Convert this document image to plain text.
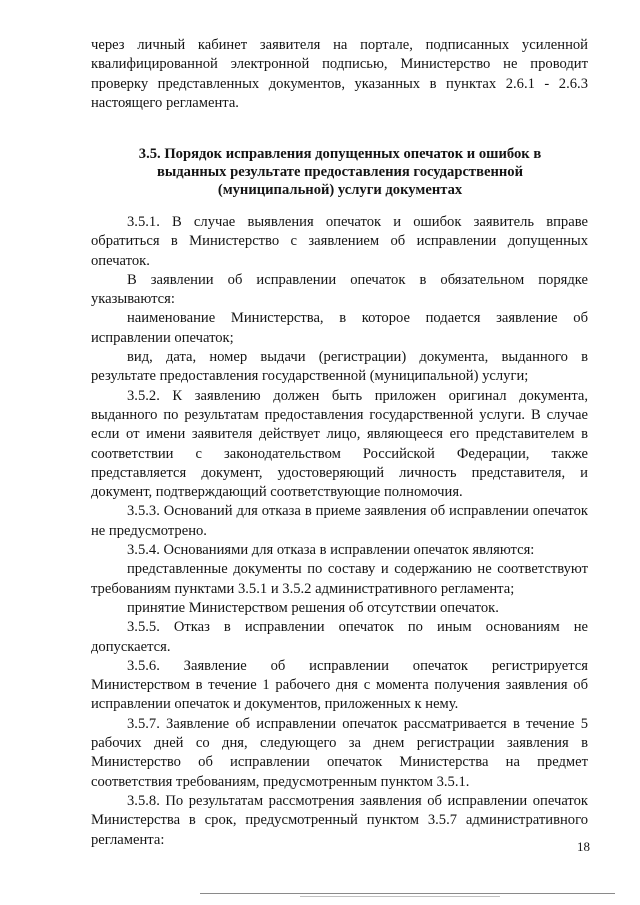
через личный кабинет заявителя на портале, подписанных усиленной квалифицированной электронной подписью, Министерство не проводит проверку представленных документов, указанных в пунктах 2.6.1 - 2.6.3 настоящего регламента.

3.5. Порядок исправления допущенных опечаток и ошибок в выданных результате предоставления государственной (муниципальной) услуги документах

3.5.1. В случае выявления опечаток и ошибок заявитель вправе обратиться в Министерство с заявлением об исправлении допущенных опечаток.

В заявлении об исправлении опечаток в обязательном порядке указываются:

наименование Министерства, в которое подается заявление об исправлении опечаток;

вид, дата, номер выдачи (регистрации) документа, выданного в результате предоставления государственной (муниципальной) услуги;

3.5.2. К заявлению должен быть приложен оригинал документа, выданного по результатам предоставления государственной услуги. В случае если от имени заявителя действует лицо, являющееся его представителем в соответствии с законодательством Российской Федерации, также представляется документ, удостоверяющий личность представителя, и документ, подтверждающий соответствующие полномочия.

3.5.3. Оснований для отказа в приеме заявления об исправлении опечаток не предусмотрено.

3.5.4. Основаниями для отказа в исправлении опечаток являются:

представленные документы по составу и содержанию не соответствуют требованиям пунктами 3.5.1 и 3.5.2 административного регламента;

принятие Министерством решения об отсутствии опечаток.

3.5.5. Отказ в исправлении опечаток по иным основаниям не допускается.

3.5.6. Заявление об исправлении опечаток регистрируется Министерством в течение 1 рабочего дня с момента получения заявления об исправлении опечаток и документов, приложенных к нему.

3.5.7. Заявление об исправлении опечаток рассматривается в течение 5 рабочих дней со дня, следующего за днем регистрации заявления в Министерство об исправлении опечаток Министерства на предмет соответствия требованиям, предусмотренным пунктом 3.5.1.

3.5.8. По результатам рассмотрения заявления об исправлении опечаток Министерства в срок, предусмотренный пунктом 3.5.7 административного регламента:	18
